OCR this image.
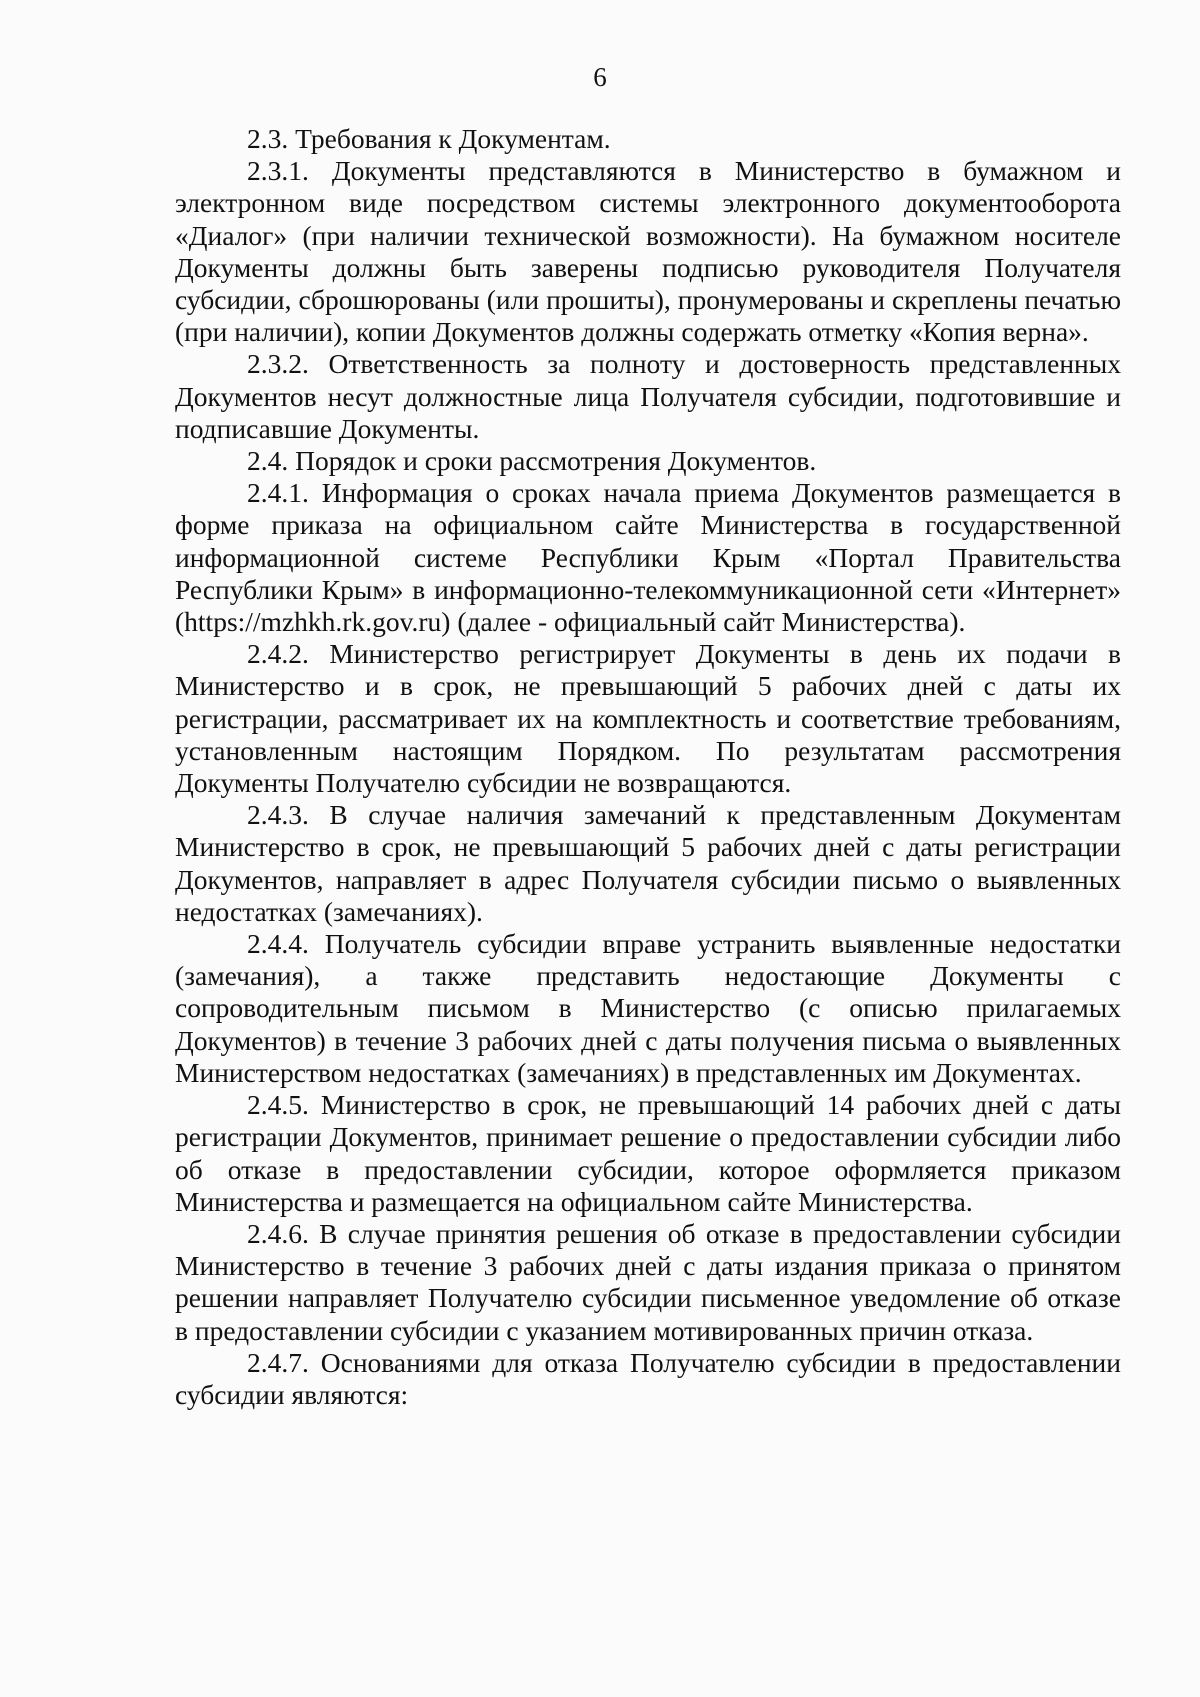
6

2.3. Требования к Документам.

2.3.1. Документы представляются в Министерство в бумажном и электронном виде посредством системы электронного документооборота «Диалог» (при наличии технической возможности). На бумажном носителе Документы должны быть заверены подписью руководителя Получателя субсидии, сброшюрованы (или прошиты), пронумерованы и скреплены печатью (при наличии), копии Документов должны содержать отметку «Копия верна».

2.3.2. Ответственность за полноту и достоверность представленных Документов несут должностные лица Получателя субсидии, подготовившие и подписавшие Документы.

2.4. Порядок и сроки рассмотрения Документов.

2.4.1. Информация о сроках начала приема Документов размещается в форме приказа на официальном сайте Министерства в государственной информационной системе Республики Крым «Портал Правительства Республики Крым» в информационно-телекоммуникационной сети «Интернет» (https://mzhkh.rk.gov.ru) (далее - официальный сайт Министерства).

2.4.2. Министерство регистрирует Документы в день их подачи в Министерство и в срок, не превышающий 5 рабочих дней с даты их регистрации, рассматривает их на комплектность и соответствие требованиям, установленным настоящим Порядком. По результатам рассмотрения Документы Получателю субсидии не возвращаются.

2.4.3. В случае наличия замечаний к представленным Документам Министерство в срок, не превышающий 5 рабочих дней с даты регистрации Документов, направляет в адрес Получателя субсидии письмо о выявленных недостатках (замечаниях).

2.4.4. Получатель субсидии вправе устранить выявленные недостатки (замечания), а также представить недостающие Документы с сопроводительным письмом в Министерство (с описью прилагаемых Документов) в течение 3 рабочих дней с даты получения письма о выявленных Министерством недостатках (замечаниях) в представленных им Документах.

2.4.5. Министерство в срок, не превышающий 14 рабочих дней с даты регистрации Документов, принимает решение о предоставлении субсидии либо об отказе в предоставлении субсидии, которое оформляется приказом Министерства и размещается на официальном сайте Министерства.

2.4.6. В случае принятия решения об отказе в предоставлении субсидии Министерство в течение 3 рабочих дней с даты издания приказа о принятом решении направляет Получателю субсидии письменное уведомление об отказе в предоставлении субсидии с указанием мотивированных причин отказа.

2.4.7. Основаниями для отказа Получателю субсидии в предоставлении субсидии являются:
